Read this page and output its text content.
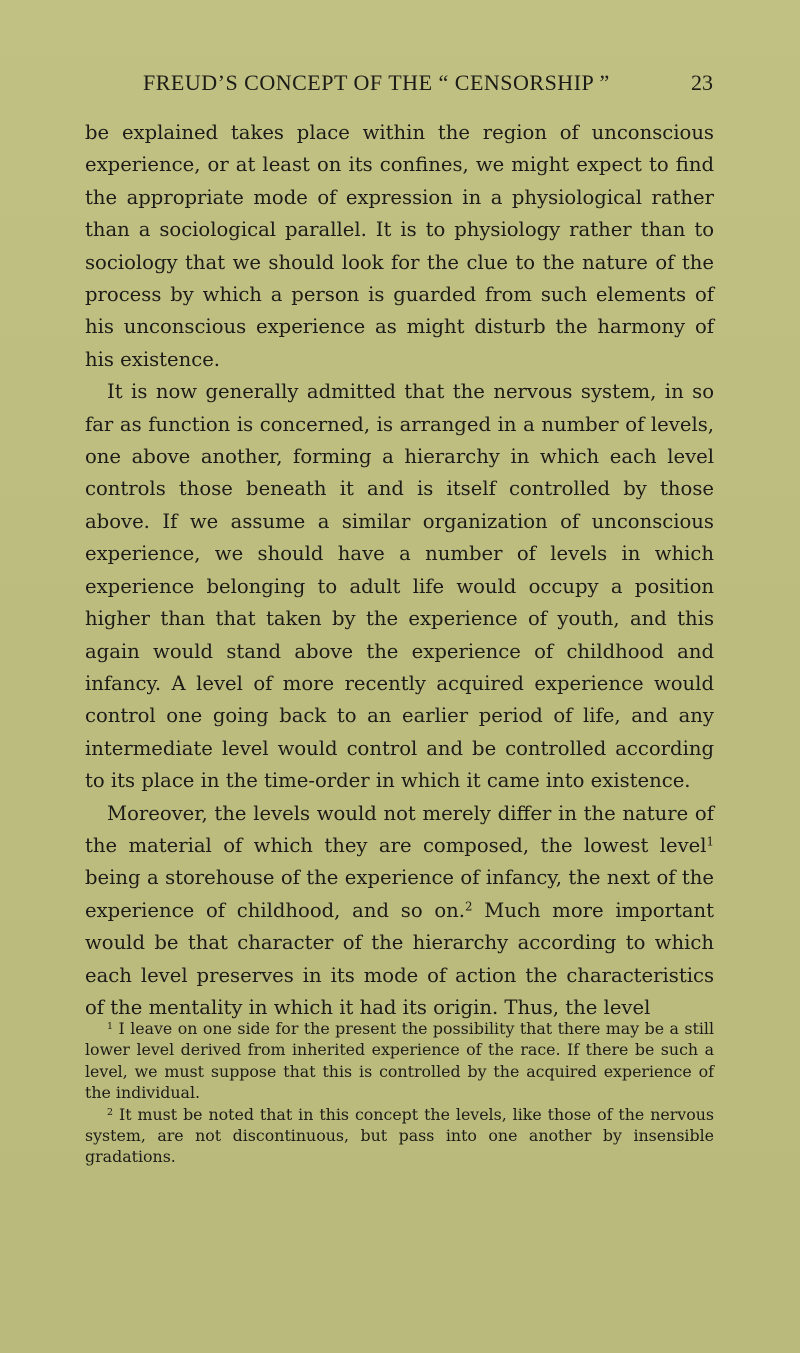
FREUD’S CONCEPT OF THE “ CENSORSHIP ”	23

be explained takes place within the region of unconscious experience, or at least on its confines, we might expect to find the appropriate mode of expression in a physiological rather than a sociological parallel. It is to physiology rather than to sociology that we should look for the clue to the nature of the process by which a person is guarded from such elements of his unconscious experience as might disturb the harmony of his existence.

It is now generally admitted that the nervous system, in so far as function is concerned, is arranged in a number of levels, one above another, forming a hierarchy in which each level controls those beneath it and is itself controlled by those above. If we assume a similar organization of unconscious experience, we should have a number of levels in which experience belonging to adult life would occupy a position higher than that taken by the experience of youth, and this again would stand above the experience of childhood and infancy. A level of more recently acquired experience would control one going back to an earlier period of life, and any intermediate level would control and be controlled according to its place in the time-order in which it came into existence.

Moreover, the levels would not merely differ in the nature of the material of which they are composed, the lowest level$^1$ being a storehouse of the experience of infancy, the next of the experience of childhood, and so on.$^2$ Much more important would be that character of the hierarchy according to which each level preserves in its mode of action the characteristics of the mentality in which it had its origin. Thus, the level

$^1$ I leave on one side for the present the possibility that there may be a still lower level derived from inherited experience of the race. If there be such a level, we must suppose that this is controlled by the acquired experience of the individual.

$^2$ It must be noted that in this concept the levels, like those of the nervous system, are not discontinuous, but pass into one another by insensible gradations.
